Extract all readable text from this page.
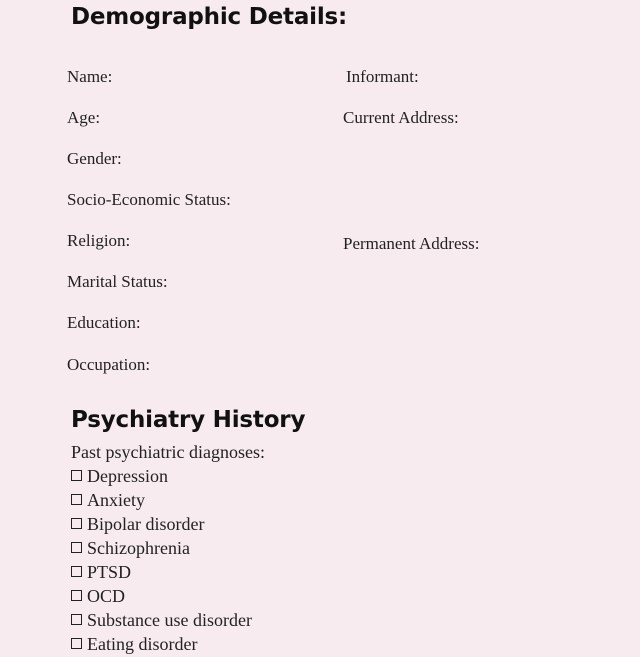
Demographic Details:

Name:

Age:

Gender:

Socio-Economic Status:

Religion:

Marital Status:

Education:

Occupation:

Informant:

Current Address:

Permanent Address:

Psychiatry History

Past psychiatric diagnoses:

Depression

Anxiety

Bipolar disorder

Schizophrenia

PTSD

OCD

Substance use disorder

Eating disorder
